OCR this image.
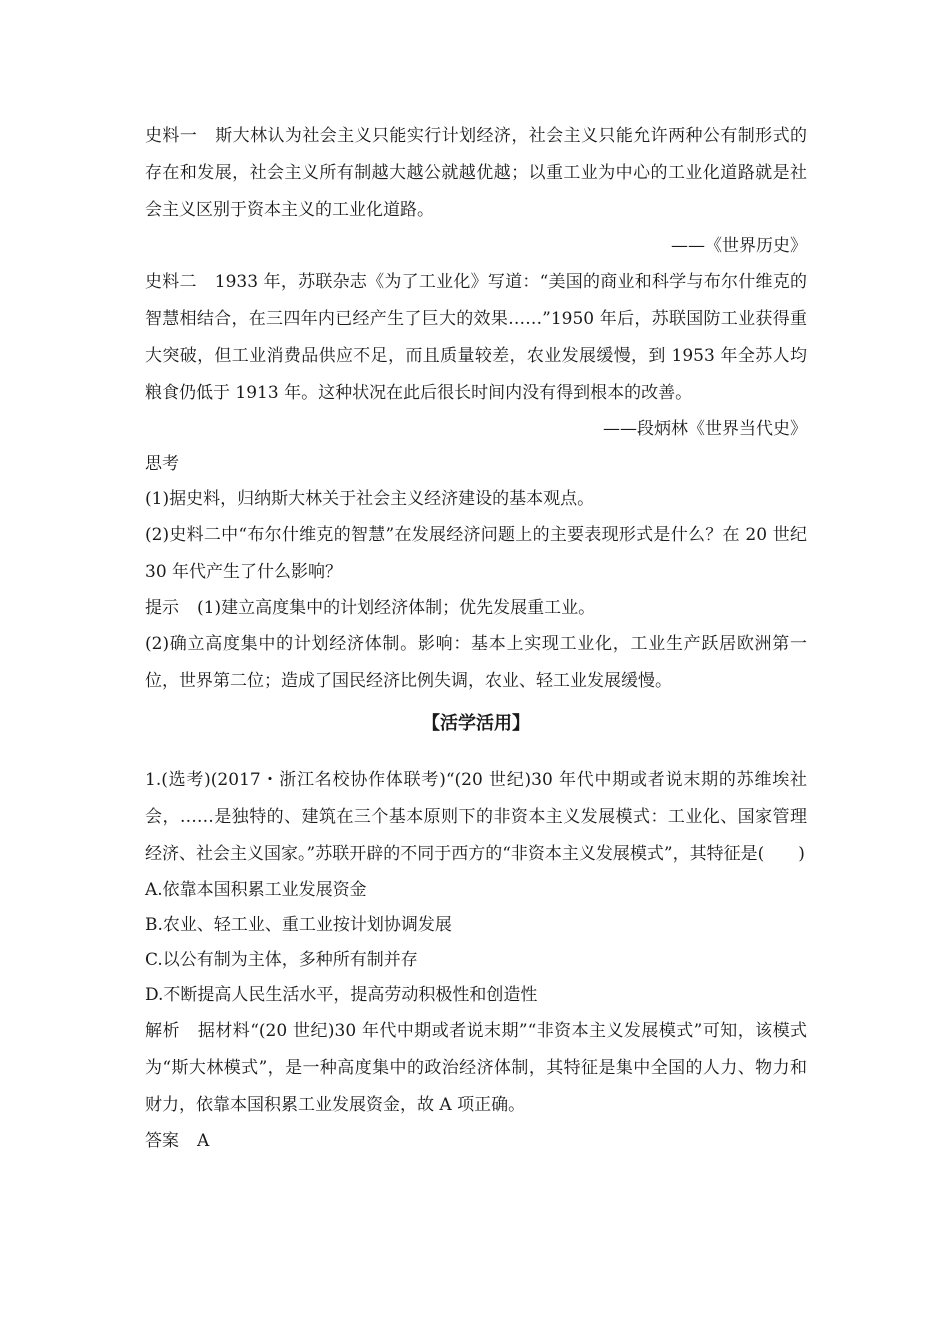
史料一 斯大林认为社会主义只能实行计划经济，社会主义只能允许两种公有制形式的存在和发展，社会主义所有制越大越公就越优越；以重工业为中心的工业化道路就是社会主义区别于资本主义的工业化道路。

——《世界历史》

史料二 1933 年，苏联杂志《为了工业化》写道：“美国的商业和科学与布尔什维克的智慧相结合，在三四年内已经产生了巨大的效果……”1950 年后，苏联国防工业获得重大突破，但工业消费品供应不足，而且质量较差，农业发展缓慢，到 1953 年全苏人均粮食仍低于 1913 年。这种状况在此后很长时间内没有得到根本的改善。

——段炳林《世界当代史》

思考

(1)据史料，归纳斯大林关于社会主义经济建设的基本观点。

(2)史料二中“布尔什维克的智慧”在发展经济问题上的主要表现形式是什么？在 20 世纪 30 年代产生了什么影响？

提示 (1)建立高度集中的计划经济体制；优先发展重工业。

(2)确立高度集中的计划经济体制。影响：基本上实现工业化，工业生产跃居欧洲第一位，世界第二位；造成了国民经济比例失调，农业、轻工业发展缓慢。

【活学活用】

1.(选考)(2017・浙江名校协作体联考)“(20 世纪)30 年代中期或者说末期的苏维埃社会，……是独特的、建筑在三个基本原则下的非资本主义发展模式：工业化、国家管理经济、社会主义国家。”苏联开辟的不同于西方的“非资本主义发展模式”，其特征是(　　)

A.依靠本国积累工业发展资金

B.农业、轻工业、重工业按计划协调发展

C.以公有制为主体，多种所有制并存

D.不断提高人民生活水平，提高劳动积极性和创造性

解析 据材料“(20 世纪)30 年代中期或者说末期”“非资本主义发展模式”可知，该模式为“斯大林模式”，是一种高度集中的政治经济体制，其特征是集中全国的人力、物力和财力，依靠本国积累工业发展资金，故 A 项正确。

答案 A
